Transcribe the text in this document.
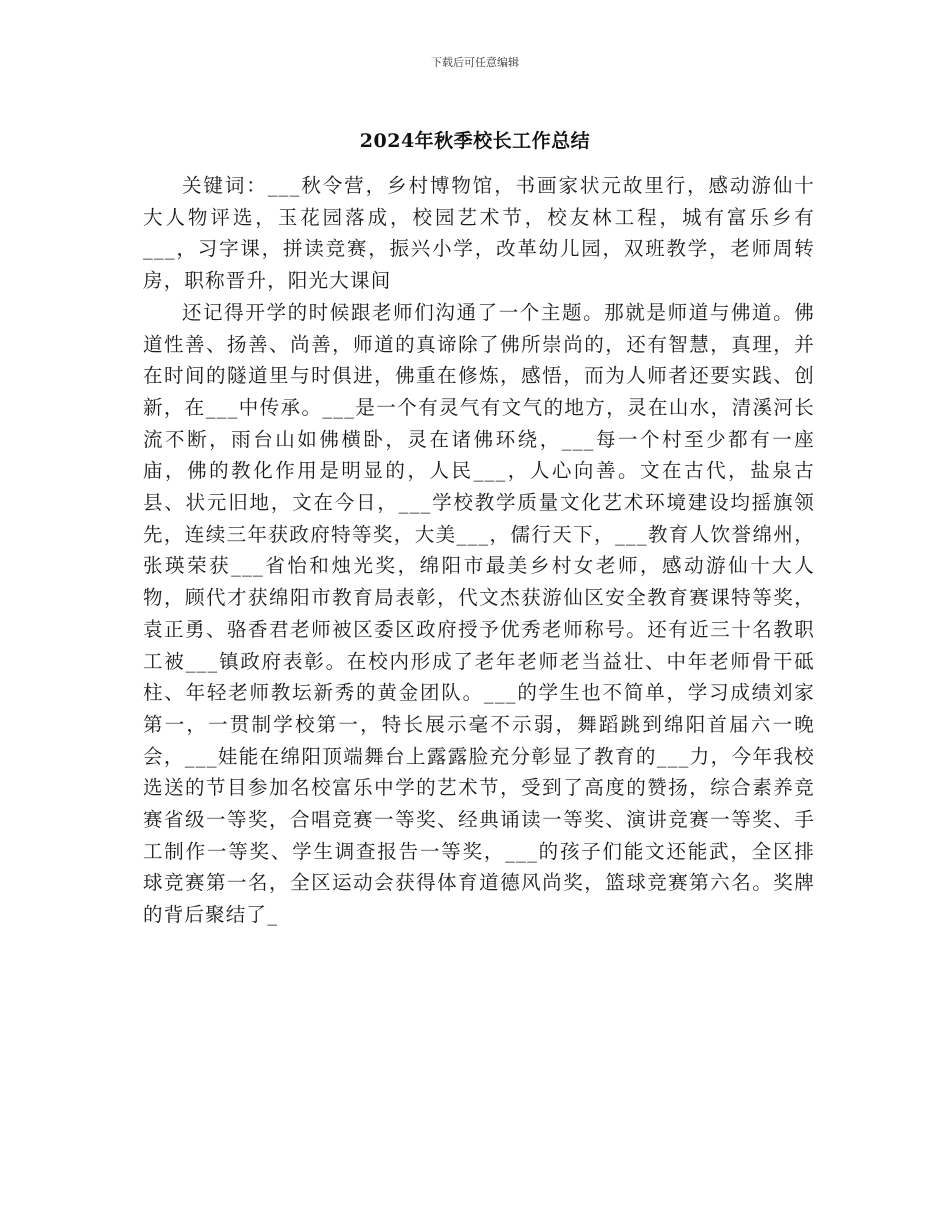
下载后可任意编辑
2024年秋季校长工作总结

关键词：___秋令营，乡村博物馆，书画家状元故里行，感动游仙十大人物评选，玉花园落成，校园艺术节，校友林工程，城有富乐乡有___，习字课，拼读竞赛，振兴小学，改革幼儿园，双班教学，老师周转房，职称晋升，阳光大课间

还记得开学的时候跟老师们沟通了一个主题。那就是师道与佛道。佛道性善、扬善、尚善，师道的真谛除了佛所崇尚的，还有智慧，真理，并在时间的隧道里与时俱进，佛重在修炼，感悟，而为人师者还要实践、创新，在___中传承。___是一个有灵气有文气的地方，灵在山水，清溪河长流不断，雨台山如佛横卧，灵在诸佛环绕，___每一个村至少都有一座庙，佛的教化作用是明显的，人民___，人心向善。文在古代，盐泉古县、状元旧地，文在今日，___学校教学质量文化艺术环境建设均摇旗领先，连续三年获政府特等奖，大美___，儒行天下，___教育人饮誉绵州，张瑛荣获___省怡和烛光奖，绵阳市最美乡村女老师，感动游仙十大人物，顾代才获绵阳市教育局表彰，代文杰获游仙区安全教育赛课特等奖，袁正勇、骆香君老师被区委区政府授予优秀老师称号。还有近三十名教职工被___镇政府表彰。在校内形成了老年老师老当益壮、中年老师骨干砥柱、年轻老师教坛新秀的黄金团队。___的学生也不简单，学习成绩刘家第一，一贯制学校第一，特长展示毫不示弱，舞蹈跳到绵阳首届六一晚会，___娃能在绵阳顶端舞台上露露脸充分彰显了教育的___力，今年我校选送的节目参加名校富乐中学的艺术节，受到了高度的赞扬，综合素养竞赛省级一等奖，合唱竞赛一等奖、经典诵读一等奖、演讲竞赛一等奖、手工制作一等奖、学生调查报告一等奖，___的孩子们能文还能武，全区排球竞赛第一名，全区运动会获得体育道德风尚奖，篮球竞赛第六名。奖牌的背后聚结了_
